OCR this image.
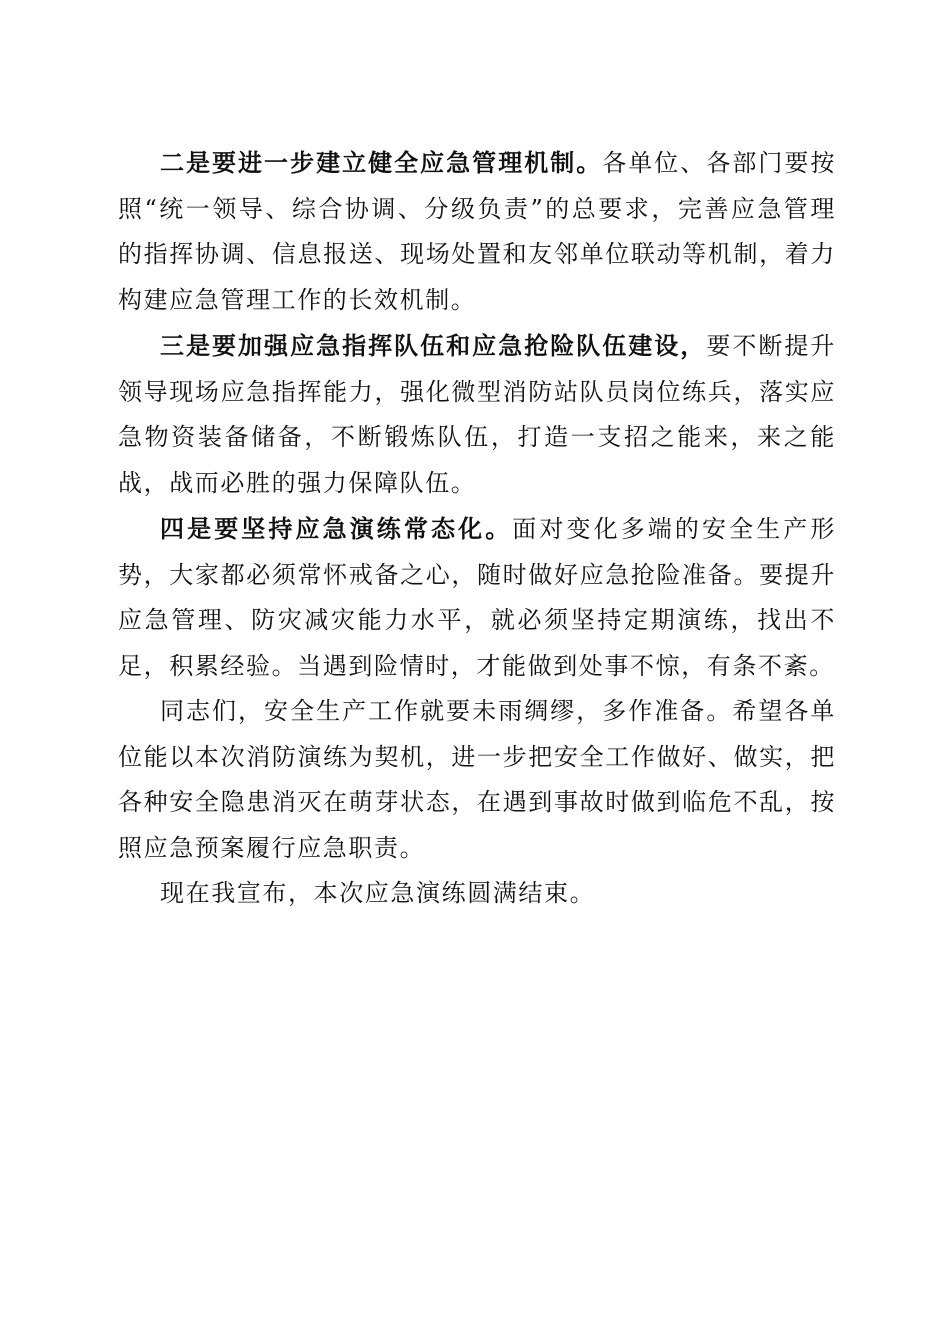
二是要进一步建立健全应急管理机制。各单位、各部门要按照“统一领导、综合协调、分级负责”的总要求，完善应急管理的指挥协调、信息报送、现场处置和友邻单位联动等机制，着力构建应急管理工作的长效机制。

三是要加强应急指挥队伍和应急抢险队伍建设，要不断提升领导现场应急指挥能力，强化微型消防站队员岗位练兵，落实应急物资装备储备，不断锻炼队伍，打造一支招之能来，来之能战，战而必胜的强力保障队伍。

四是要坚持应急演练常态化。面对变化多端的安全生产形势，大家都必须常怀戒备之心，随时做好应急抢险准备。要提升应急管理、防灾减灾能力水平，就必须坚持定期演练，找出不足，积累经验。当遇到险情时，才能做到处事不惊，有条不紊。

同志们，安全生产工作就要未雨绸缪，多作准备。希望各单位能以本次消防演练为契机，进一步把安全工作做好、做实，把各种安全隐患消灭在萌芽状态，在遇到事故时做到临危不乱，按照应急预案履行应急职责。

现在我宣布，本次应急演练圆满结束。
